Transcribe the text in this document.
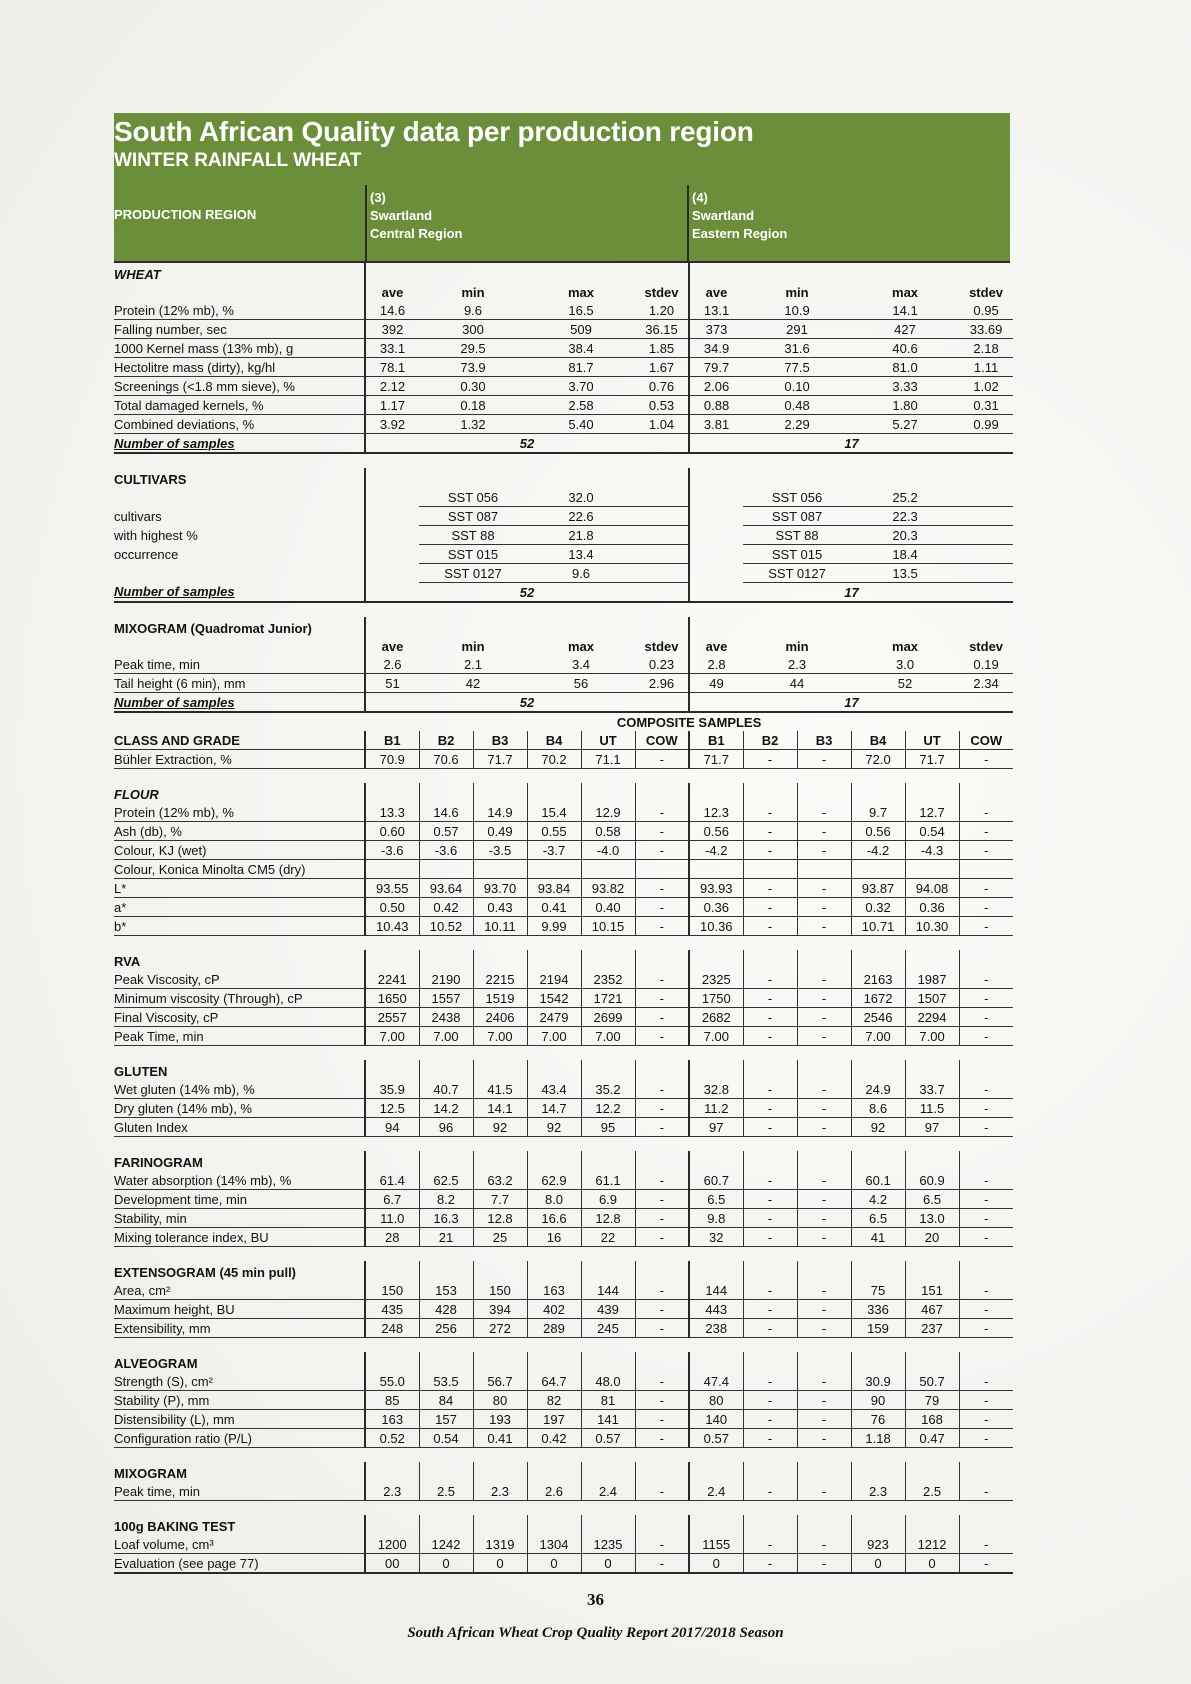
South African Quality data per production region
WINTER RAINFALL WHEAT
PRODUCTION REGION
(3)
Swartland
Central Region
(4)
Swartland
Eastern Region
WHEAT												
	ave	min		max		stdev	ave	min		max		stdev
Protein (12% mb), %	14.6	9.6		16.5		1.20	13.1	10.9		14.1		0.95
Falling number, sec	392	300		509		36.15	373	291		427		33.69
1000 Kernel mass (13% mb), g	33.1	29.5		38.4		1.85	34.9	31.6		40.6		2.18
Hectolitre mass (dirty), kg/hl	78.1	73.9		81.7		1.67	79.7	77.5		81.0		1.11
Screenings (<1.8 mm sieve), %	2.12	0.30		3.70		0.76	2.06	0.10		3.33		1.02
Total damaged kernels, %	1.17	0.18		2.58		0.53	0.88	0.48		1.80		0.31
Combined deviations, %	3.92	1.32		5.40		1.04	3.81	2.29		5.27		0.99
Number of samples	52						17					

CULTIVARS												
		SST 056		32.0				SST 056		25.2		
cultivars		SST 087		22.6				SST 087		22.3		
with highest %		SST 88		21.8				SST 88		20.3		
occurrence		SST 015		13.4				SST 015		18.4		
		SST 0127		9.6				SST 0127		13.5		
Number of samples	52						17					

MIXOGRAM (Quadromat Junior)												
	ave	min		max		stdev	ave	min		max		stdev
Peak time, min	2.6	2.1		3.4		0.23	2.8	2.3		3.0		0.19
Tail height (6 min), mm	51	42		56		2.96	49	44		52		2.34
Number of samples	52						17					
	COMPOSITE SAMPLES											
CLASS AND GRADE	B1	B2	B3	B4	UT	COW	B1	B2	B3	B4	UT	COW
Bühler Extraction, %	70.9	70.6	71.7	70.2	71.1	-	71.7	-	-	72.0	71.7	-

FLOUR												
Protein (12% mb), %	13.3	14.6	14.9	15.4	12.9	-	12.3	-	-	9.7	12.7	-
Ash (db), %	0.60	0.57	0.49	0.55	0.58	-	0.56	-	-	0.56	0.54	-
Colour, KJ (wet)	-3.6	-3.6	-3.5	-3.7	-4.0	-	-4.2	-	-	-4.2	-4.3	-
Colour, Konica Minolta CM5 (dry)												
L*	93.55	93.64	93.70	93.84	93.82	-	93.93	-	-	93.87	94.08	-
a*	0.50	0.42	0.43	0.41	0.40	-	0.36	-	-	0.32	0.36	-
b*	10.43	10.52	10.11	9.99	10.15	-	10.36	-	-	10.71	10.30	-

RVA												
Peak Viscosity, cP	2241	2190	2215	2194	2352	-	2325	-	-	2163	1987	-
Minimum viscosity (Through), cP	1650	1557	1519	1542	1721	-	1750	-	-	1672	1507	-
Final Viscosity, cP	2557	2438	2406	2479	2699	-	2682	-	-	2546	2294	-
Peak Time, min	7.00	7.00	7.00	7.00	7.00	-	7.00	-	-	7.00	7.00	-

GLUTEN												
Wet gluten (14% mb), %	35.9	40.7	41.5	43.4	35.2	-	32.8	-	-	24.9	33.7	-
Dry gluten (14% mb), %	12.5	14.2	14.1	14.7	12.2	-	11.2	-	-	8.6	11.5	-
Gluten Index	94	96	92	92	95	-	97	-	-	92	97	-

FARINOGRAM												
Water absorption (14% mb), %	61.4	62.5	63.2	62.9	61.1	-	60.7	-	-	60.1	60.9	-
Development time, min	6.7	8.2	7.7	8.0	6.9	-	6.5	-	-	4.2	6.5	-
Stability, min	11.0	16.3	12.8	16.6	12.8	-	9.8	-	-	6.5	13.0	-
Mixing tolerance index, BU	28	21	25	16	22	-	32	-	-	41	20	-

EXTENSOGRAM (45 min pull)												
Area, cm²	150	153	150	163	144	-	144	-	-	75	151	-
Maximum height, BU	435	428	394	402	439	-	443	-	-	336	467	-
Extensibility, mm	248	256	272	289	245	-	238	-	-	159	237	-

ALVEOGRAM												
Strength (S), cm²	55.0	53.5	56.7	64.7	48.0	-	47.4	-	-	30.9	50.7	-
Stability (P), mm	85	84	80	82	81	-	80	-	-	90	79	-
Distensibility (L), mm	163	157	193	197	141	-	140	-	-	76	168	-
Configuration ratio (P/L)	0.52	0.54	0.41	0.42	0.57	-	0.57	-	-	1.18	0.47	-

MIXOGRAM												
Peak time, min	2.3	2.5	2.3	2.6	2.4	-	2.4	-	-	2.3	2.5	-

100g BAKING TEST												
Loaf volume, cm³	1200	1242	1319	1304	1235	-	1155	-	-	923	1212	-
Evaluation (see page 77)	00	0	0	0	0	-	0	-	-	0	0	-
36
South African Wheat Crop Quality Report 2017/2018 Season
